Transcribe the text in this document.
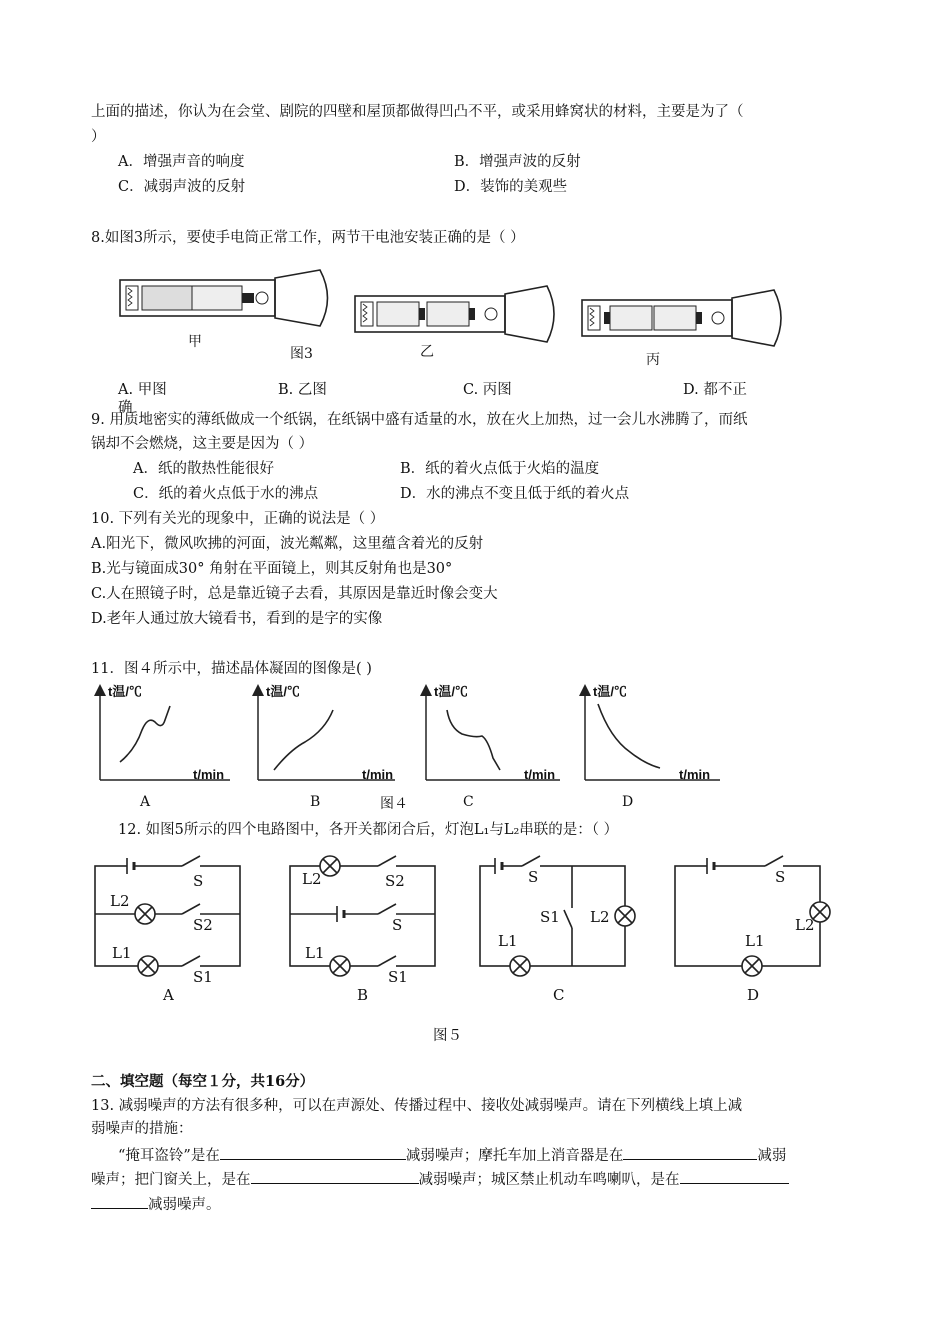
上面的描述，你认为在会堂、剧院的四壁和屋顶都做得凹凸不平，或采用蜂窝状的材料，主要是为了（
）
A．增强声音的响度	B．增强声波的反射
C．减弱声波的反射	D．装饰的美观些
8.如图3所示，要使手电筒正常工作，两节干电池安装正确的是（ ）
甲
图3	乙	丙
A. 甲图	B. 乙图	C. 丙图	D. 都不正
确
9. 用质地密实的薄纸做成一个纸锅，在纸锅中盛有适量的水，放在火上加热，过一会儿水沸腾了，而纸
锅却不会燃烧，这主要是因为（ ）
A．纸的散热性能很好	B．纸的着火点低于火焰的温度
C．纸的着火点低于水的沸点	D．水的沸点不变且低于纸的着火点
10. 下列有关光的现象中，正确的说法是（ ）
A.阳光下，微风吹拂的河面，波光粼粼，这里蕴含着光的反射
B.光与镜面成30° 角射在平面镜上，则其反射角也是30°
C.人在照镜子时，总是靠近镜子去看，其原因是靠近时像会变大
D.老年人通过放大镜看书，看到的是字的实像
11．图４所示中，描述晶体凝固的图像是( )
t温/℃
t/min
A
t温/℃
t/min
B
t温/℃
t/min
C
t温/℃
t/min
D
图４
12. 如图5所示的四个电路图中，各开关都闭合后，灯泡L₁与L₂串联的是：（ ）
L2
S2
L1
S1
S
A
L2	S2
S
L1
S1
B
S
S1 L2
L1
C
S
L2
L1
D
图５
二、填空题（每空１分，共16分）
13. 减弱噪声的方法有很多种，可以在声源处、传播过程中、接收处减弱噪声。请在下列横线上填上减
弱噪声的措施：
“掩耳盗铃”是在	减弱噪声；摩托车加上消音器是在	减弱
噪声；把门窗关上，是在	减弱噪声；城区禁止机动车鸣喇叭，是在
减弱噪声。
